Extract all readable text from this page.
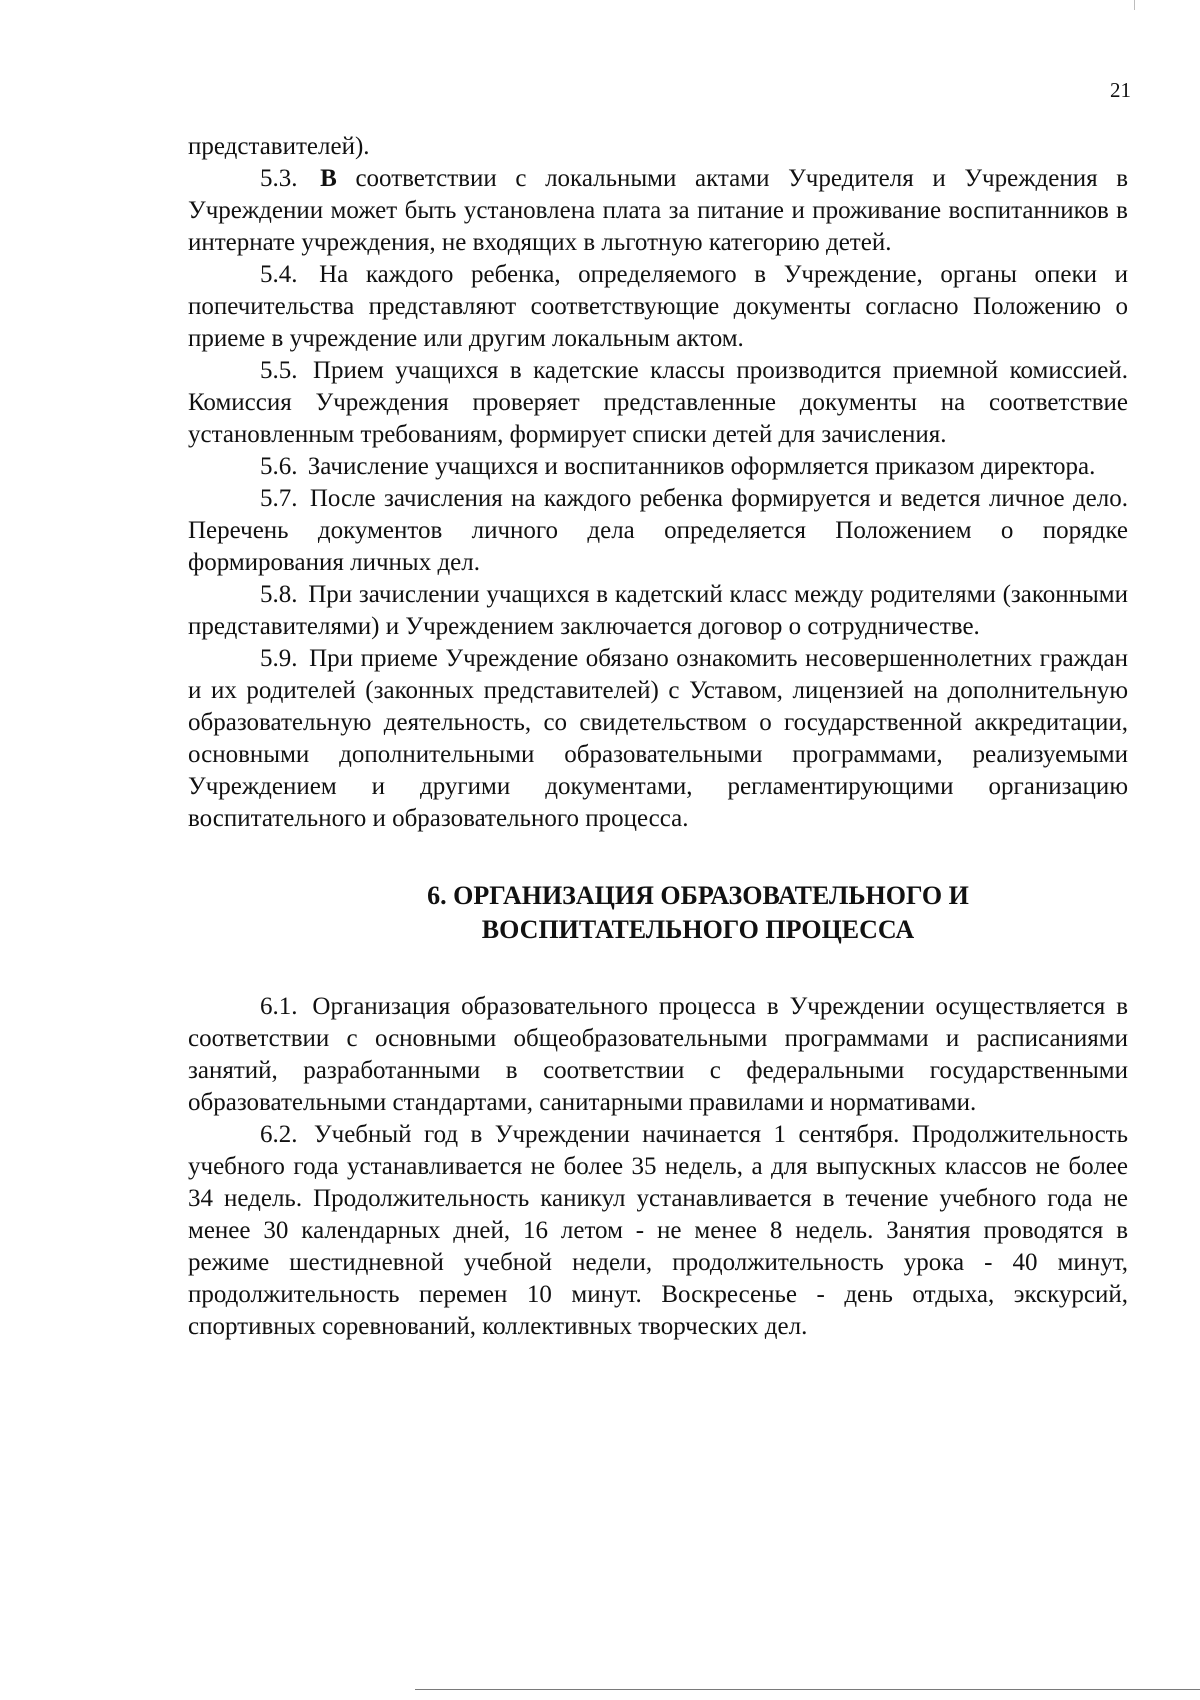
21

представителей).

5.3. В соответствии с локальными актами Учредителя и Учреждения в Учреждении может быть установлена плата за питание и проживание воспитанников в интернате учреждения, не входящих в льготную категорию детей.

5.4. На каждого ребенка, определяемого в Учреждение, органы опеки и попечительства представляют соответствующие документы согласно Положению о приеме в учреждение или другим локальным актом.

5.5. Прием учащихся в кадетские классы производится приемной комиссией. Комиссия Учреждения проверяет представленные документы на соответствие установленным требованиям, формирует списки детей для зачисления.

5.6. Зачисление учащихся и воспитанников оформляется приказом директора.

5.7. После зачисления на каждого ребенка формируется и ведется личное дело. Перечень документов личного дела определяется Положением о порядке формирования личных дел.

5.8. При зачислении учащихся в кадетский класс между родителями (законными представителями) и Учреждением заключается договор о сотрудничестве.

5.9. При приеме Учреждение обязано ознакомить несовершеннолетних граждан и их родителей (законных представителей) с Уставом, лицензией на дополнительную образовательную деятельность, со свидетельством о государственной аккредитации, основными дополнительными образовательными программами, реализуемыми Учреждением и другими документами, регламентирующими организацию воспитательного и образовательного процесса.

6. ОРГАНИЗАЦИЯ ОБРАЗОВАТЕЛЬНОГО И
ВОСПИТАТЕЛЬНОГО ПРОЦЕССА

6.1. Организация образовательного процесса в Учреждении осуществляется в соответствии с основными общеобразовательными программами и расписаниями занятий, разработанными в соответствии с федеральными государственными образовательными стандартами, санитарными правилами и нормативами.

6.2. Учебный год в Учреждении начинается 1 сентября. Продолжительность учебного года устанавливается не более 35 недель, а для выпускных классов не более 34 недель. Продолжительность каникул устанавливается в течение учебного года не менее 30 календарных дней, 16 летом - не менее 8 недель. Занятия проводятся в режиме шестидневной учебной недели, продолжительность урока - 40 минут, продолжительность перемен 10 минут. Воскресенье - день отдыха, экскурсий, спортивных соревнований, коллективных творческих дел.
